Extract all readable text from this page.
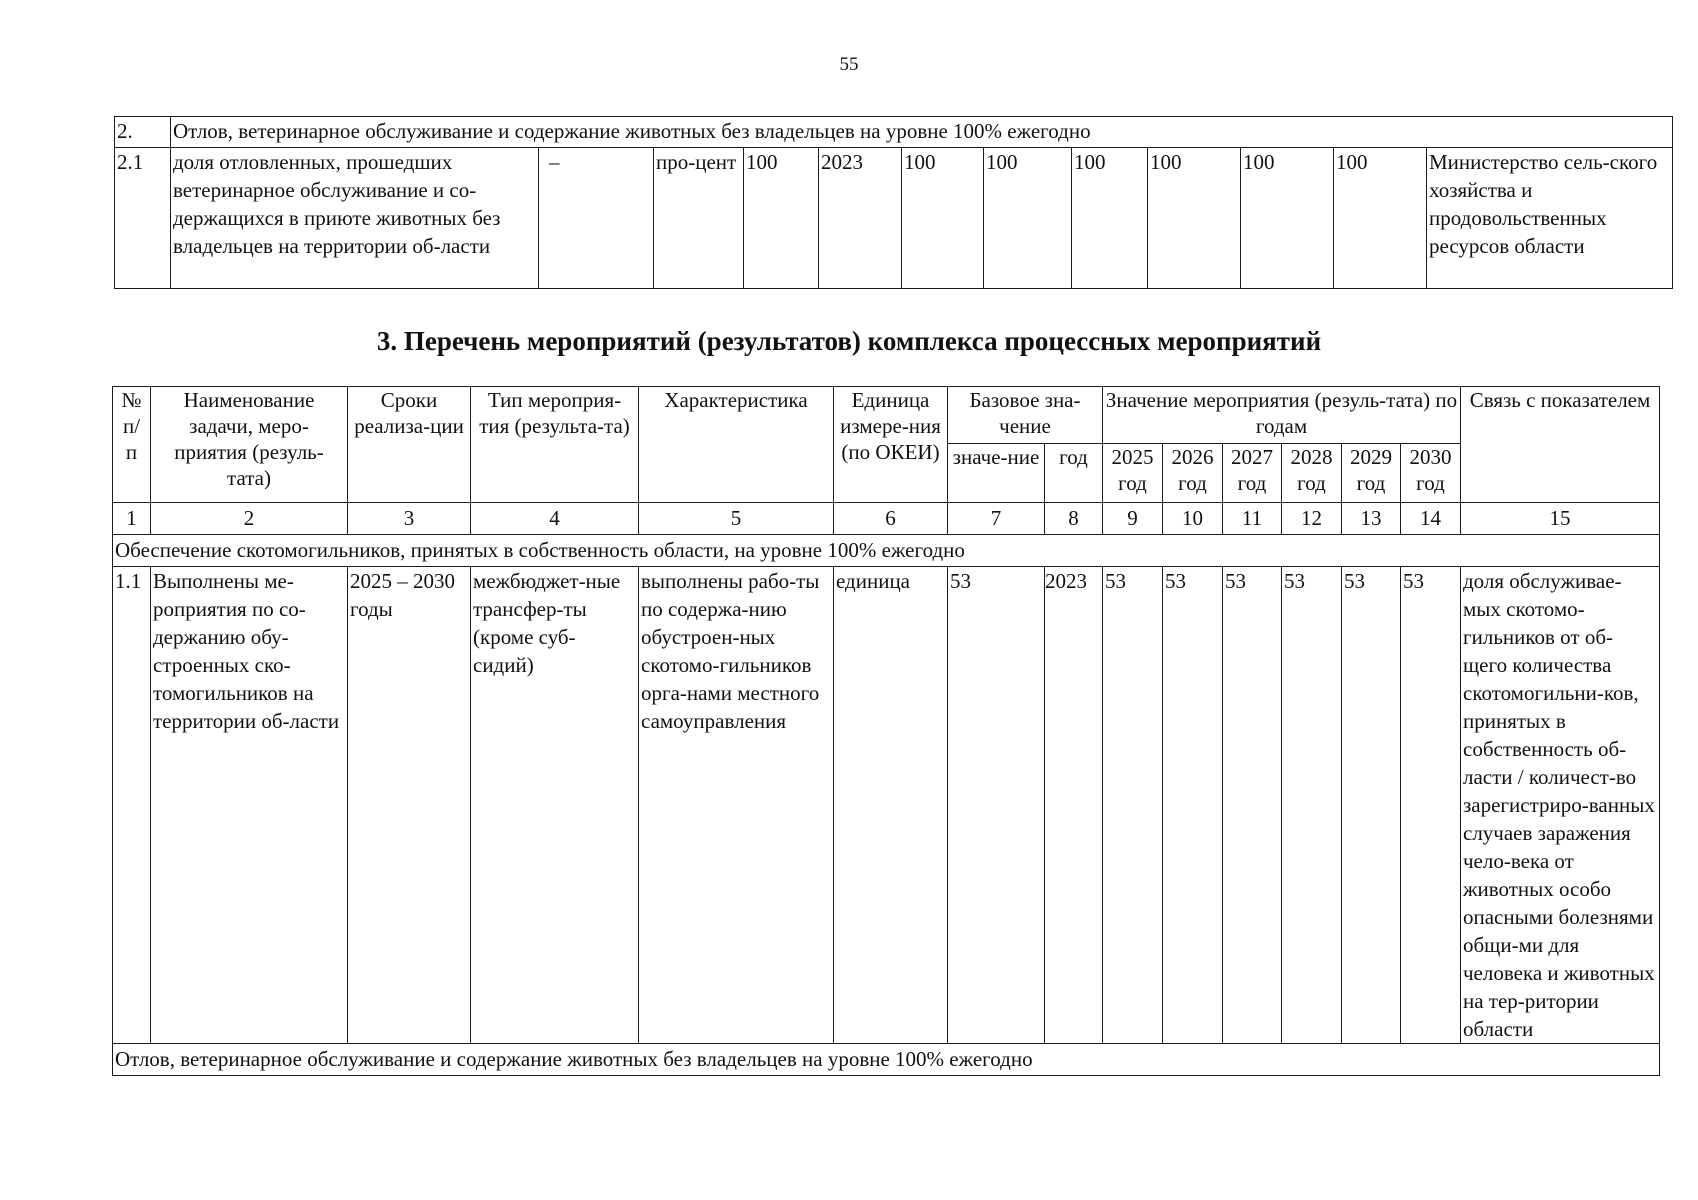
55
2.	Отлов, ветеринарное обслуживание и содержание животных без владельцев на уровне 100% ежегодно											
2.1	доля отловленных, прошедших ветеринарное обслуживание и со-держащихся в приюте животных без владельцев на территории об-ласти	–	про-цент	100	2023	100	100	100	100	100	100	Министерство сель-ского хозяйства и продовольственных ресурсов области
3. Перечень мероприятий (результатов) комплекса процессных мероприятий
№ п/ п	Наименование задачи, меро-приятия (резуль-тата)	Сроки реализа-ции	Тип мероприя-тия (результа-та)	Характеристика	Единица измере-ния (по ОКЕИ)	Базовое зна-чение		Значение мероприятия (резуль-тата) по годам						Связь с показателем
						значе-ние	год	2025 год	2026 год	2027 год	2028 год	2029 год	2030 год	
1	2	3	4	5	6	7	8	9	10	11	12	13	14	15
Обеспечение скотомогильников, принятых в собственность области, на уровне 100% ежегодно														
1.1	Выполнены ме-роприятия по со-держанию обу-строенных ско-томогильников на территории об-ласти	2025 – 2030 годы	межбюджет-ные трансфер-ты (кроме суб-сидий)	выполнены рабо-ты по содержа-нию обустроен-ных скотомо-гильников орга-нами местного самоуправления	единица	53	2023	53	53	53	53	53	53	доля обслуживае-мых скотомо-гильников от об-щего количества скотомогильни-ков, принятых в собственность об-ласти / количест-во зарегистриро-ванных случаев заражения чело-века от животных особо опасными болезнями общи-ми для человека и животных на тер-ритории области
Отлов, ветеринарное обслуживание и содержание животных без владельцев на уровне 100% ежегодно														
